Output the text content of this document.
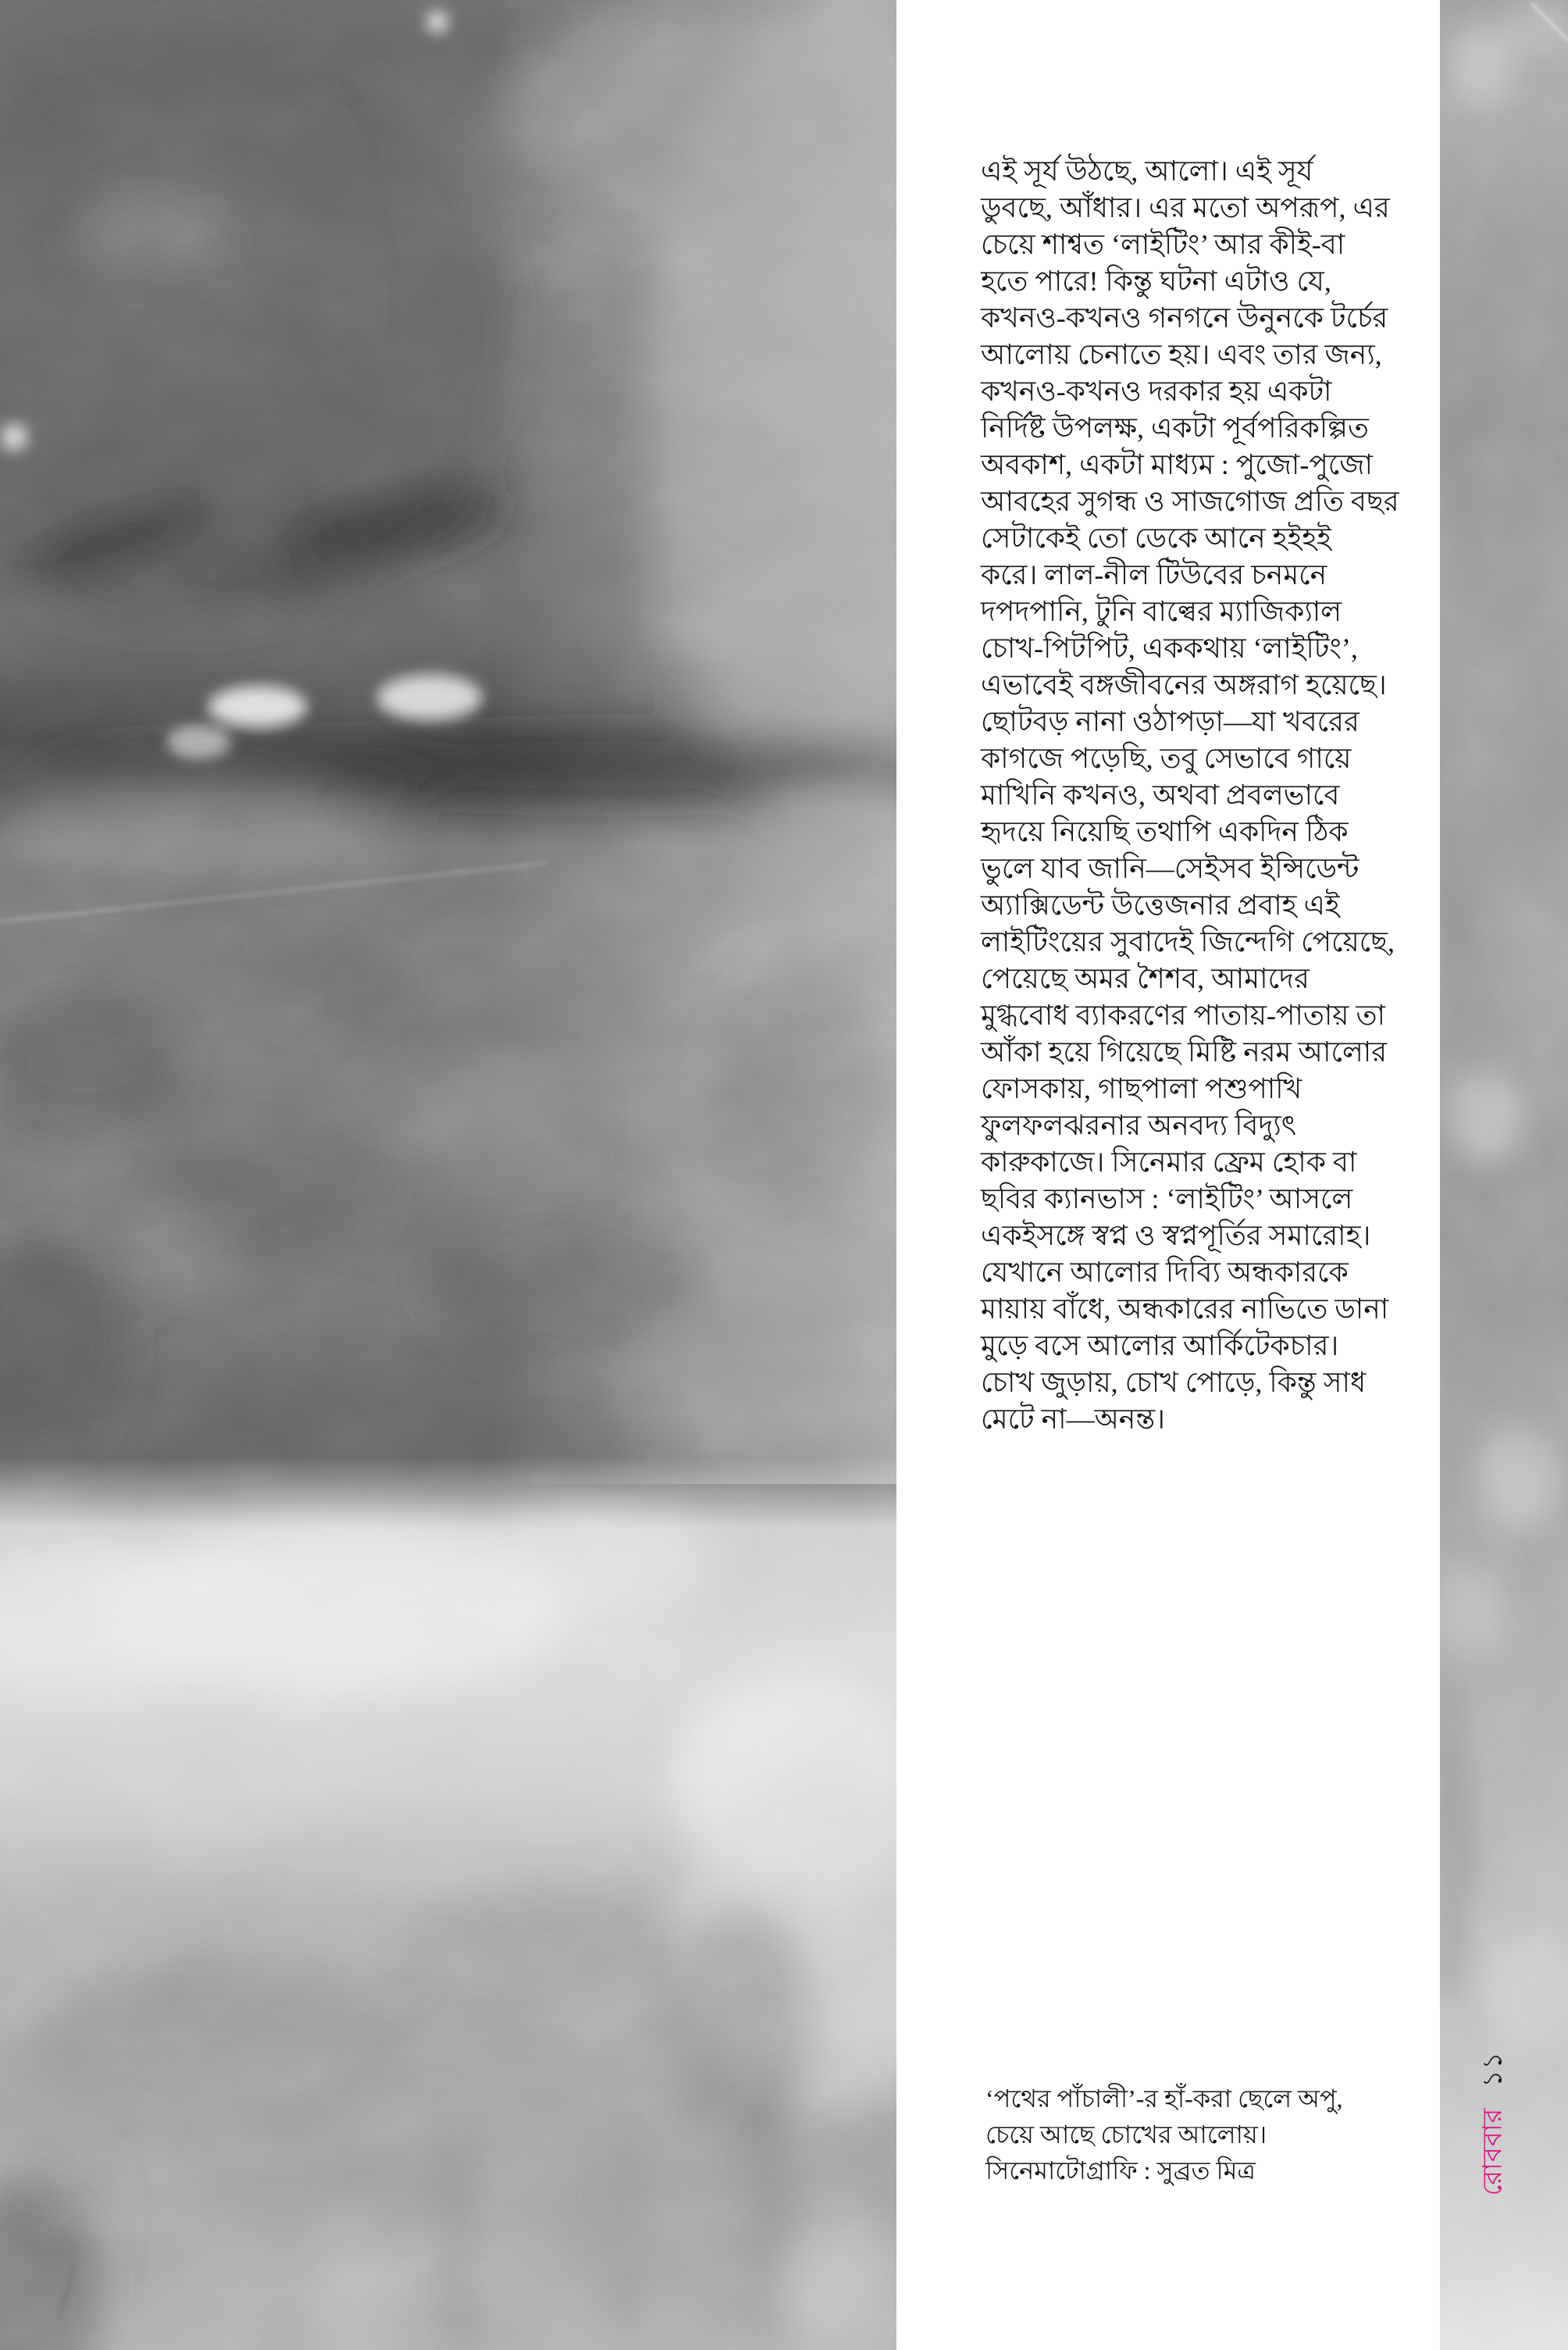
এই সূর্য উঠছে, আলো। এই সূর্য
ডুবছে, আঁধার। এর মতো অপরূপ, এর
চেয়ে শাশ্বত ‘লাইটিং’ আর কীই-বা
হতে পারে! কিন্তু ঘটনা এটাও যে,
কখনও-কখনও গনগনে উনুনকে টর্চের
আলোয় চেনাতে হয়। এবং তার জন্য,
কখনও-কখনও দরকার হয় একটা
নির্দিষ্ট উপলক্ষ, একটা পূর্বপরিকল্পিত
অবকাশ, একটা মাধ্যম : পুজো-পুজো
আবহের সুগন্ধ ও সাজগোজ প্রতি বছর
সেটাকেই তো ডেকে আনে হইহই
করে। লাল-নীল টিউবের চনমনে
দপদপানি, টুনি বাল্বের ম্যাজিক্যাল
চোখ-পিটপিট, এককথায় ‘লাইটিং’,
এভাবেই বঙ্গজীবনের অঙ্গরাগ হয়েছে।
ছোটবড় নানা ওঠাপড়া—যা খবরের
কাগজে পড়েছি, তবু সেভাবে গায়ে
মাখিনি কখনও, অথবা প্রবলভাবে
হৃদয়ে নিয়েছি তথাপি একদিন ঠিক
ভুলে যাব জানি—সেইসব ইন্সিডেন্ট
অ্যাক্সিডেন্ট উত্তেজনার প্রবাহ এই
লাইটিংয়ের সুবাদেই জিন্দেগি পেয়েছে,
পেয়েছে অমর শৈশব, আমাদের
মুগ্ধবোধ ব্যাকরণের পাতায়-পাতায় তা
আঁকা হয়ে গিয়েছে মিষ্টি নরম আলোর
ফোসকায়, গাছপালা পশুপাখি
ফুলফলঝরনার অনবদ্য বিদ্যুৎ
কারুকাজে। সিনেমার ফ্রেম হোক বা
ছবির ক্যানভাস : ‘লাইটিং’ আসলে
একইসঙ্গে স্বপ্ন ও স্বপ্নপূর্তির সমারোহ।
যেখানে আলোর দিব্যি অন্ধকারকে
মায়ায় বাঁধে, অন্ধকারের নাভিতে ডানা
মুড়ে বসে আলোর আর্কিটেকচার।
চোখ জুড়ায়, চোখ পোড়ে, কিন্তু সাধ
মেটে না—অনন্ত।
‘পথের পাঁচালী’-র হাঁ-করা ছেলে অপু,
চেয়ে আছে চোখের আলোয়।
সিনেমাটোগ্রাফি : সুব্রত মিত্র	রোববার১১
